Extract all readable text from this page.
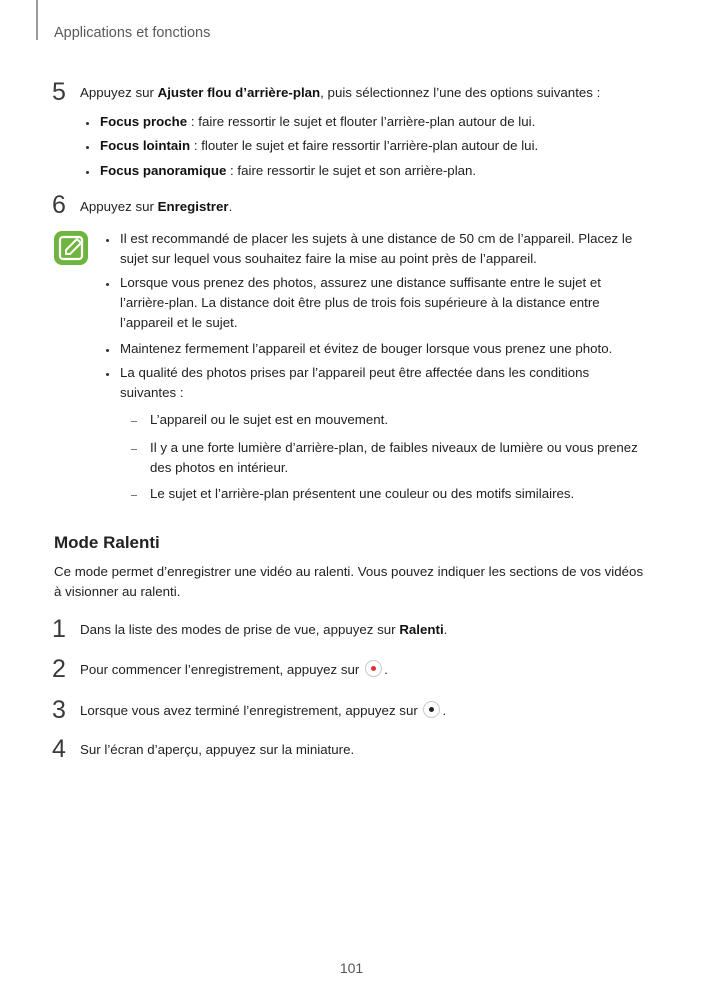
Applications et fonctions
5 Appuyez sur Ajuster flou d’arrière-plan, puis sélectionnez l’une des options suivantes :
Focus proche : faire ressortir le sujet et flouter l’arrière-plan autour de lui.
Focus lointain : flouter le sujet et faire ressortir l’arrière-plan autour de lui.
Focus panoramique : faire ressortir le sujet et son arrière-plan.
6 Appuyez sur Enregistrer.
Il est recommandé de placer les sujets à une distance de 50 cm de l’appareil. Placez le sujet sur lequel vous souhaitez faire la mise au point près de l’appareil.
Lorsque vous prenez des photos, assurez une distance suffisante entre le sujet et l’arrière-plan. La distance doit être plus de trois fois supérieure à la distance entre l’appareil et le sujet.
Maintenez fermement l’appareil et évitez de bouger lorsque vous prenez une photo.
La qualité des photos prises par l’appareil peut être affectée dans les conditions suivantes :
L’appareil ou le sujet est en mouvement.
Il y a une forte lumière d’arrière-plan, de faibles niveaux de lumière ou vous prenez des photos en intérieur.
Le sujet et l’arrière-plan présentent une couleur ou des motifs similaires.
Mode Ralenti
Ce mode permet d’enregistrer une vidéo au ralenti. Vous pouvez indiquer les sections de vos vidéos à visionner au ralenti.
1 Dans la liste des modes de prise de vue, appuyez sur Ralenti.
2 Pour commencer l’enregistrement, appuyez sur .
3 Lorsque vous avez terminé l’enregistrement, appuyez sur .
4 Sur l’écran d’aperçu, appuyez sur la miniature.
101
